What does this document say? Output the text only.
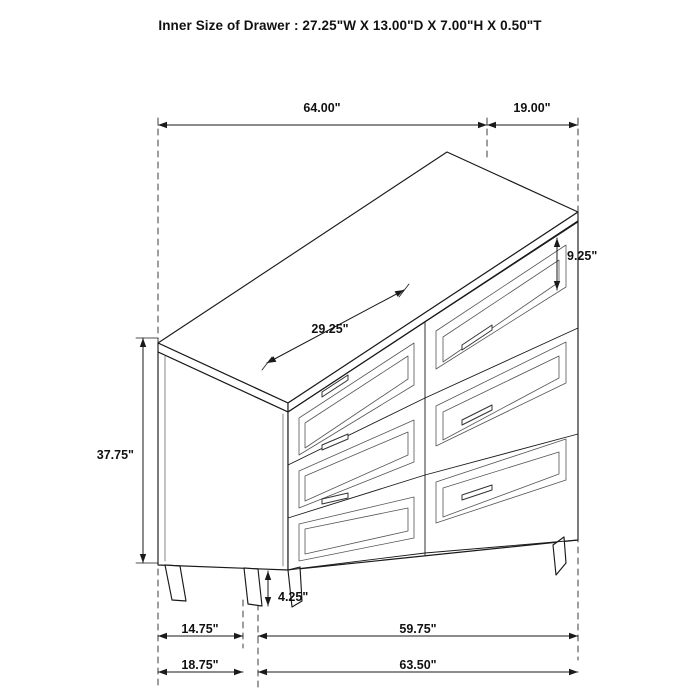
Inner Size of Drawer : 27.25"W X 13.00"D X 7.00"H X 0.50"T
64.00"	19.00"
29.25"
9.25"
37.75"
4.25"
14.75"	59.75"
18.75"	63.50"
